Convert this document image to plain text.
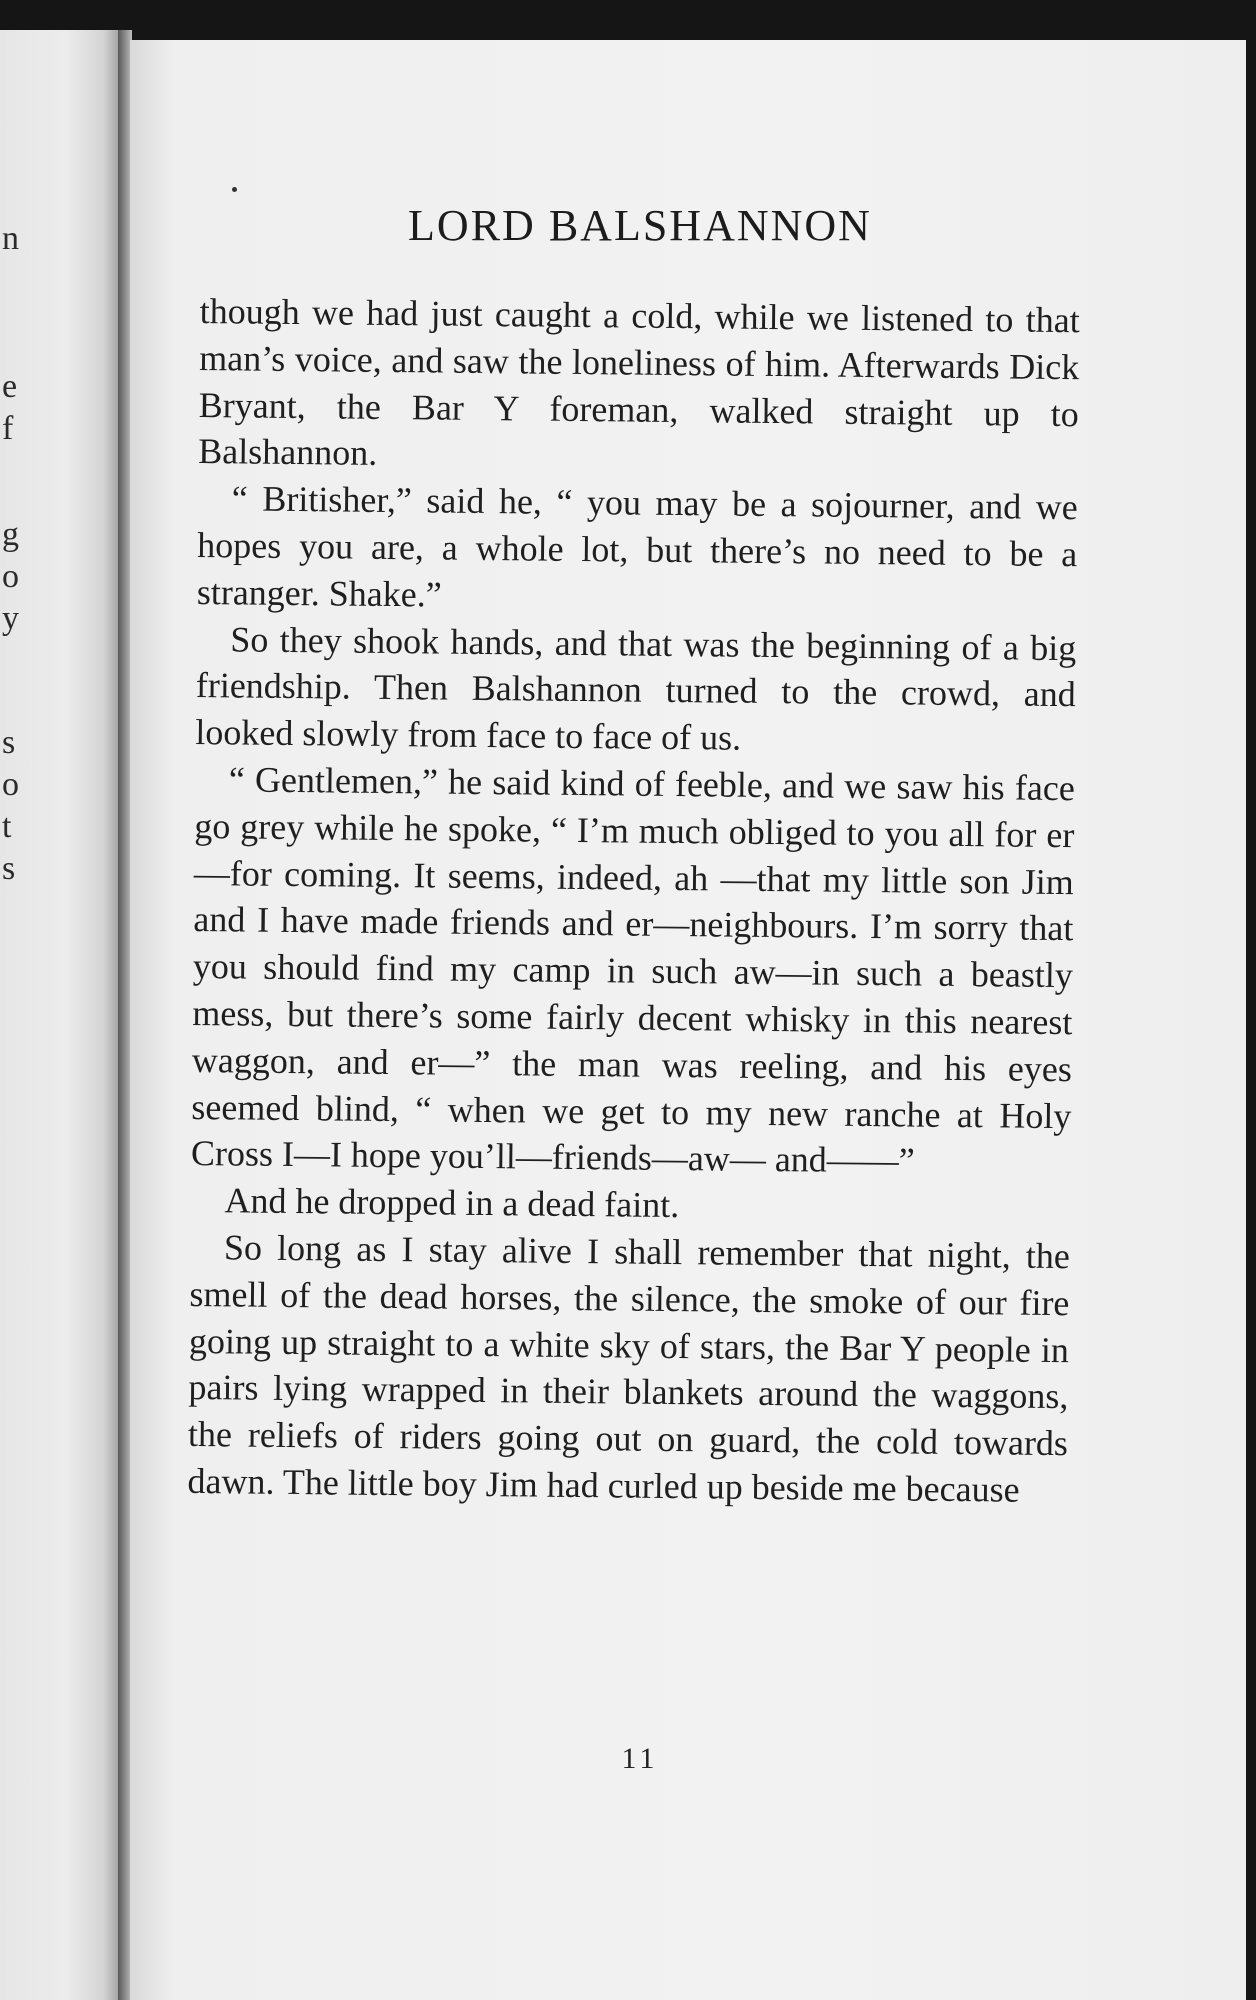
n
e
f
g
o
y
s
o
t
s
LORD BALSHANNON

though we had just caught a cold, while we listened to that man’s voice, and saw the loneliness of him. Afterwards Dick Bryant, the Bar Y foreman, walked straight up to Balshannon.

“ Britisher,” said he, “ you may be a sojourner, and we hopes you are, a whole lot, but there’s no need to be a stranger. Shake.”

So they shook hands, and that was the beginning of a big friendship. Then Balshannon turned to the crowd, and looked slowly from face to face of us.

“ Gentlemen,” he said kind of feeble, and we saw his face go grey while he spoke, “ I’m much obliged to you all for er—for coming. It seems, indeed, ah —that my little son Jim and I have made friends and er—neighbours. I’m sorry that you should find my camp in such aw—in such a beastly mess, but there’s some fairly decent whisky in this nearest waggon, and er—” the man was reeling, and his eyes seemed blind, “ when we get to my new ranche at Holy Cross I—I hope you’ll—friends—aw— and——”

And he dropped in a dead faint.

So long as I stay alive I shall remember that night, the smell of the dead horses, the silence, the smoke of our fire going up straight to a white sky of stars, the Bar Y people in pairs lying wrapped in their blankets around the waggons, the reliefs of riders going out on guard, the cold towards dawn. The little boy Jim had curled up beside me because

11
